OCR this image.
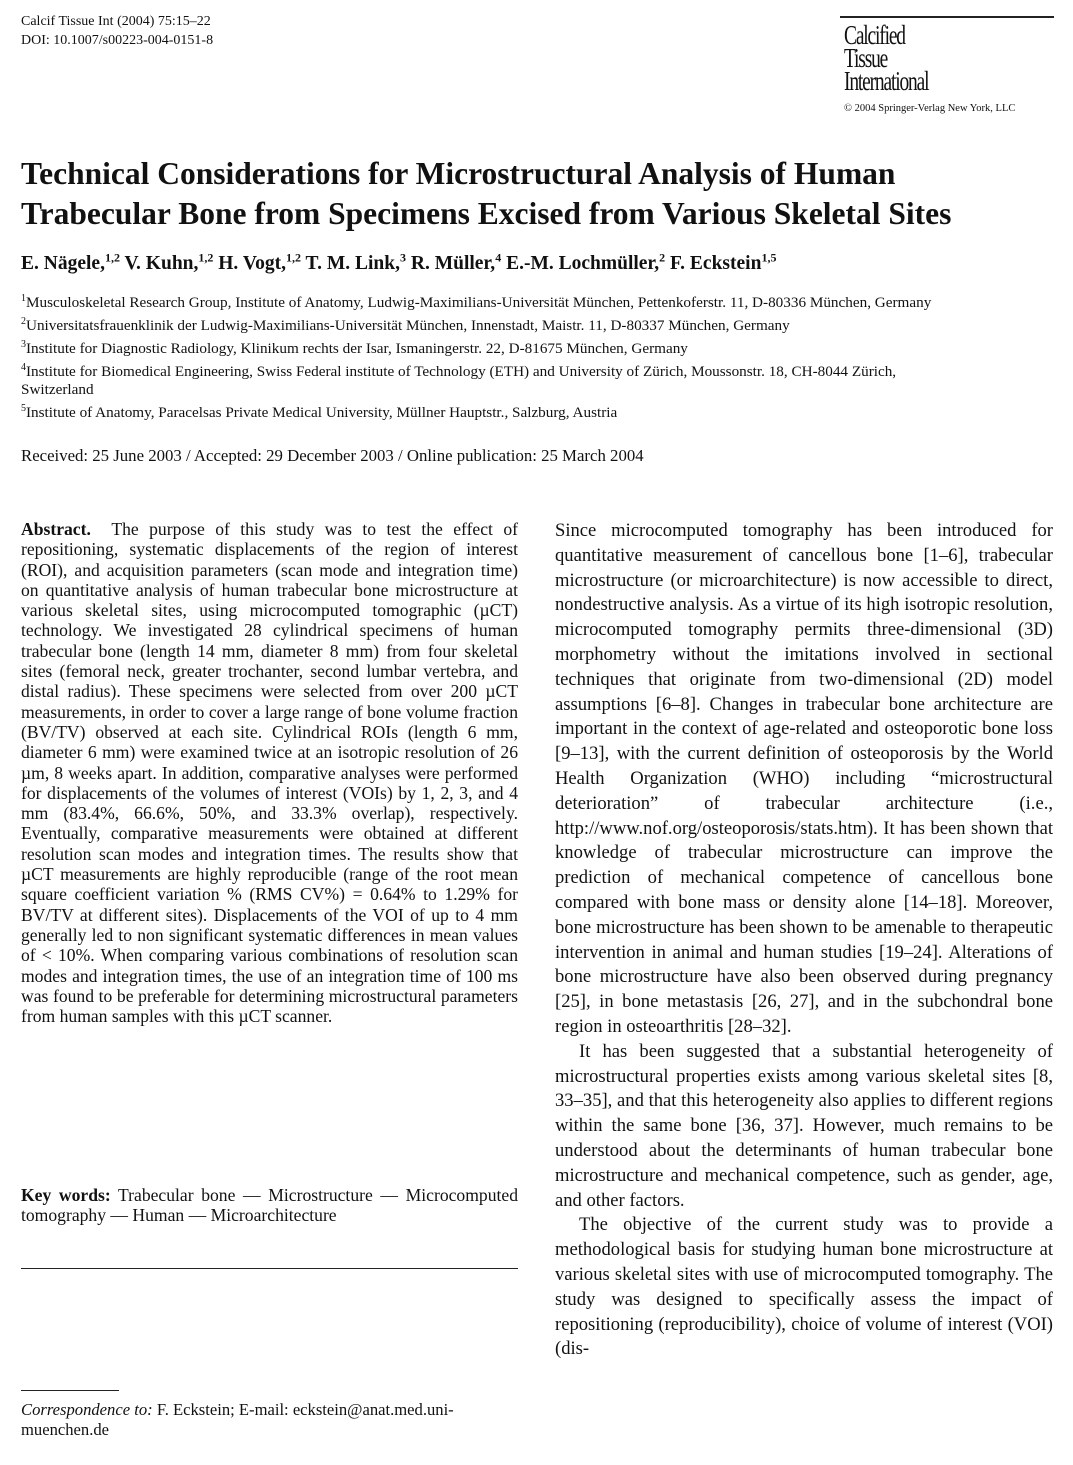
Calcif Tissue Int (2004) 75:15–22
DOI: 10.1007/s00223-004-0151-8	Calcified
Tissue
International
© 2004 Springer-Verlag New York, LLC
Technical Considerations for Microstructural Analysis of Human Trabecular Bone from Specimens Excised from Various Skeletal Sites
E. Nägele,$^{1,2}$ V. Kuhn,$^{1,2}$ H. Vogt,$^{1,2}$ T. M. Link,$^3$ R. Müller,$^4$ E.-M. Lochmüller,$^2$ F. Eckstein$^{1,5}$

$^1$Musculoskeletal Research Group, Institute of Anatomy, Ludwig-Maximilians-Universität München, Pettenkoferstr. 11, D-80336 München, Germany

$^2$Universitatsfrauenklinik der Ludwig-Maximilians-Universität München, Innenstadt, Maistr. 11, D-80337 München, Germany

$^3$Institute for Diagnostic Radiology, Klinikum rechts der Isar, Ismaningerstr. 22, D-81675 München, Germany

$^4$Institute for Biomedical Engineering, Swiss Federal institute of Technology (ETH) and University of Zürich, Moussonstr. 18, CH-8044 Zürich, Switzerland

$^5$Institute of Anatomy, Paracelsas Private Medical University, Müllner Hauptstr., Salzburg, Austria

Received: 25 June 2003 / Accepted: 29 December 2003 / Online publication: 25 March 2004
Abstract. The purpose of this study was to test the effect of repositioning, systematic displacements of the region of interest (ROI), and acquisition parameters (scan mode and integration time) on quantitative analysis of human trabecular bone microstructure at various skeletal sites, using microcomputed tomographic (µCT) technology. We investigated 28 cylindrical specimens of human trabecular bone (length 14 mm, diameter 8 mm) from four skeletal sites (femoral neck, greater trochanter, second lumbar vertebra, and distal radius). These specimens were selected from over 200 µCT measurements, in order to cover a large range of bone volume fraction (BV/TV) observed at each site. Cylindrical ROIs (length 6 mm, diameter 6 mm) were examined twice at an isotropic resolution of 26 µm, 8 weeks apart. In addition, comparative analyses were performed for displacements of the volumes of interest (VOIs) by 1, 2, 3, and 4 mm (83.4%, 66.6%, 50%, and 33.3% overlap), respectively. Eventually, comparative measurements were obtained at different resolution scan modes and integration times. The results show that µCT measurements are highly reproducible (range of the root mean square coefficient variation % (RMS CV%) = 0.64% to 1.29% for BV/TV at different sites). Displacements of the VOI of up to 4 mm generally led to non significant systematic differences in mean values of < 10%. When comparing various combinations of resolution scan modes and integration times, the use of an integration time of 100 ms was found to be preferable for determining microstructural parameters from human samples with this µCT scanner.
Key words: Trabecular bone — Microstructure — Microcomputed tomography — Human — Microarchitecture
Correspondence to: F. Eckstein; E-mail: eckstein@anat.med.uni-muenchen.de

Since microcomputed tomography has been introduced for quantitative measurement of cancellous bone [1–6], trabecular microstructure (or microarchitecture) is now accessible to direct, nondestructive analysis. As a virtue of its high isotropic resolution, microcomputed tomography permits three-dimensional (3D) morphometry without the imitations involved in sectional techniques that originate from two-dimensional (2D) model assumptions [6–8]. Changes in trabecular bone architecture are important in the context of age-related and osteoporotic bone loss [9–13], with the current definition of osteoporosis by the World Health Organization (WHO) including “microstructural deterioration” of trabecular architecture (i.e., http://www.nof.org/osteoporosis/stats.htm). It has been shown that knowledge of trabecular microstructure can improve the prediction of mechanical competence of cancellous bone compared with bone mass or density alone [14–18]. Moreover, bone microstructure has been shown to be amenable to therapeutic intervention in animal and human studies [19–24]. Alterations of bone microstructure have also been observed during pregnancy [25], in bone metastasis [26, 27], and in the subchondral bone region in osteoarthritis [28–32].

It has been suggested that a substantial heterogeneity of microstructural properties exists among various skeletal sites [8, 33–35], and that this heterogeneity also applies to different regions within the same bone [36, 37]. However, much remains to be understood about the determinants of human trabecular bone microstructure and mechanical competence, such as gender, age, and other factors.

The objective of the current study was to provide a methodological basis for studying human bone microstructure at various skeletal sites with use of microcomputed tomography. The study was designed to specifically assess the impact of repositioning (reproducibility), choice of volume of interest (VOI) (dis-
